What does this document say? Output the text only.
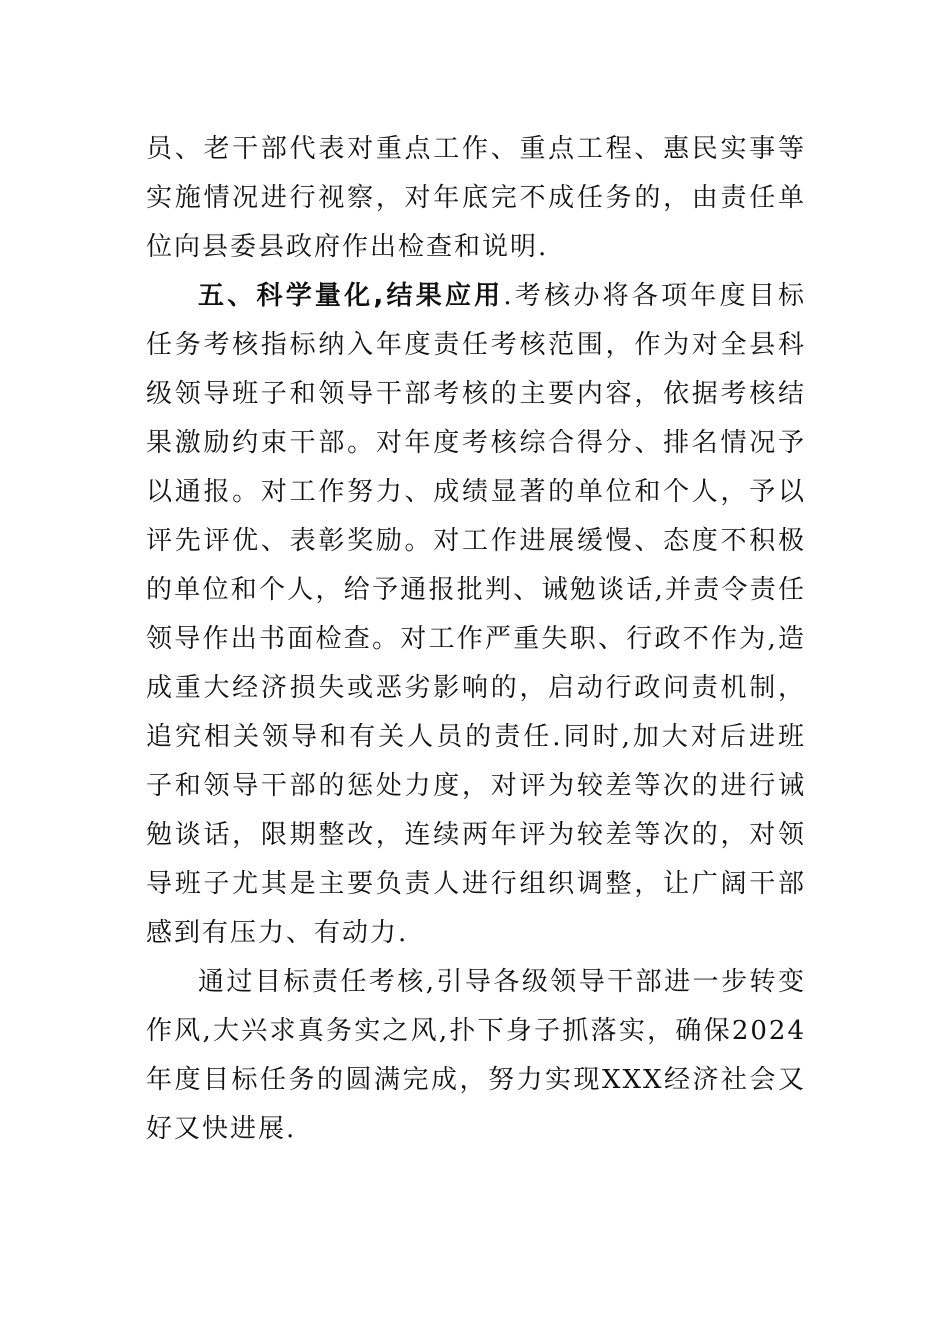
员、老干部代表对重点工作、重点工程、惠民实事等实施情况进行视察，对年底完不成任务的，由责任单位向县委县政府作出检查和说明.

五、科学量化,结果应用.考核办将各项年度目标任务考核指标纳入年度责任考核范围，作为对全县科级领导班子和领导干部考核的主要内容，依据考核结果激励约束干部。对年度考核综合得分、排名情况予以通报。对工作努力、成绩显著的单位和个人，予以评先评优、表彰奖励。对工作进展缓慢、态度不积极的单位和个人，给予通报批判、诫勉谈话,并责令责任领导作出书面检查。对工作严重失职、行政不作为,造成重大经济损失或恶劣影响的，启动行政问责机制，追究相关领导和有关人员的责任.同时,加大对后进班子和领导干部的惩处力度，对评为较差等次的进行诫勉谈话，限期整改，连续两年评为较差等次的，对领导班子尤其是主要负责人进行组织调整，让广阔干部感到有压力、有动力.

通过目标责任考核,引导各级领导干部进一步转变作风,大兴求真务实之风,扑下身子抓落实，确保2024年度目标任务的圆满完成，努力实现XXX经济社会又好又快进展.
